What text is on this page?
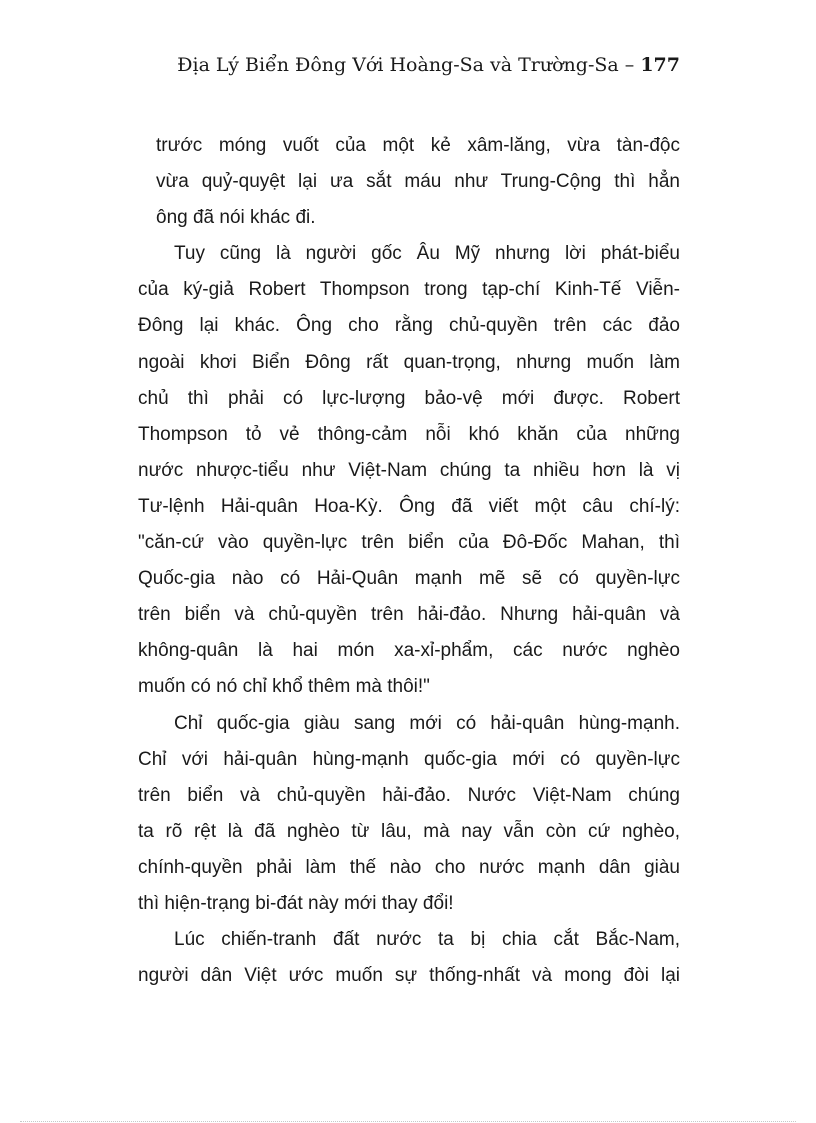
Địa Lý Biển Đông Với Hoàng-Sa và Trường-Sa – 177

trước móng vuốt của một kẻ xâm-lăng, vừa tàn-độc
vừa quỷ-quyệt lại ưa sắt máu như Trung-Cộng thì hẳn
ông đã nói khác đi.

Tuy cũng là người gốc Âu Mỹ nhưng lời phát-biểu
của ký-giả Robert Thompson trong tạp-chí Kinh-Tế Viễn-
Đông lại khác. Ông cho rằng chủ-quyền trên các đảo
ngoài khơi Biển Đông rất quan-trọng, nhưng muốn làm
chủ thì phải có lực-lượng bảo-vệ mới được. Robert
Thompson tỏ vẻ thông-cảm nỗi khó khăn của những
nước nhược-tiểu như Việt-Nam chúng ta nhiều hơn là vị
Tư-lệnh Hải-quân Hoa-Kỳ. Ông đã viết một câu chí-lý:
"căn-cứ vào quyền-lực trên biển của Đô-Đốc Mahan, thì
Quốc-gia nào có Hải-Quân mạnh mẽ sẽ có quyền-lực
trên biển và chủ-quyền trên hải-đảo. Nhưng hải-quân và
không-quân là hai món xa-xỉ-phẩm, các nước nghèo
muốn có nó chỉ khổ thêm mà thôi!"

Chỉ quốc-gia giàu sang mới có hải-quân hùng-mạnh.
Chỉ với hải-quân hùng-mạnh quốc-gia mới có quyền-lực
trên biển và chủ-quyền hải-đảo. Nước Việt-Nam chúng
ta rõ rệt là đã nghèo từ lâu, mà nay vẫn còn cứ nghèo,
chính-quyền phải làm thế nào cho nước mạnh dân giàu
thì hiện-trạng bi-đát này mới thay đổi!

Lúc chiến-tranh đất nước ta bị chia cắt Bắc-Nam,
người dân Việt ước muốn sự thống-nhất và mong đòi lại
